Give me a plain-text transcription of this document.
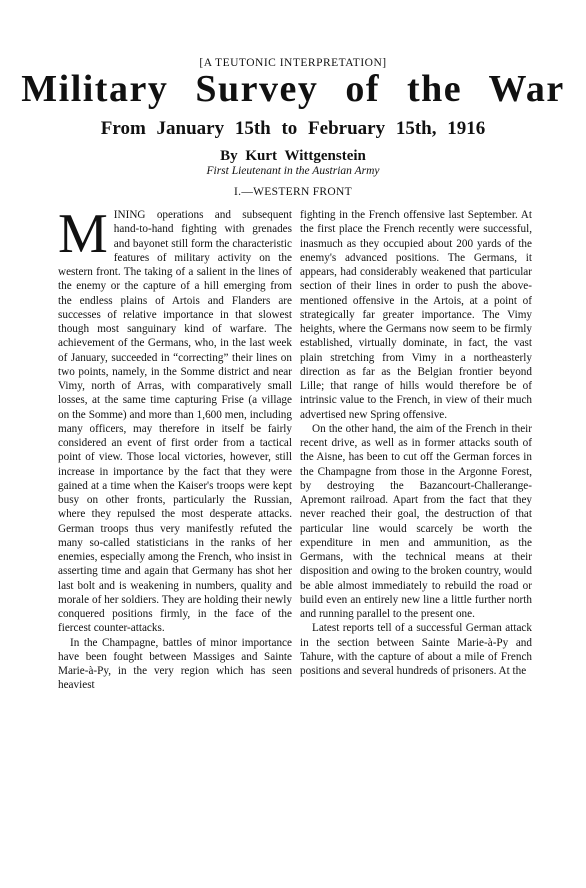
[A TEUTONIC INTERPRETATION]
Military Survey of the War
From January 15th to February 15th, 1916
By Kurt Wittgenstein
First Lieutenant in the Austrian Army
I.—WESTERN FRONT

MINING operations and subsequent hand-to-hand fighting with grenades and bayonet still form the characteristic features of military activity on the western front. The taking of a salient in the lines of the enemy or the capture of a hill emerging from the endless plains of Artois and Flanders are successes of relative importance in that slowest though most sanguinary kind of warfare. The achievement of the Germans, who, in the last week of January, succeeded in “correcting” their lines on two points, namely, in the Somme district and near Vimy, north of Arras, with comparatively small losses, at the same time capturing Frise (a village on the Somme) and more than 1,600 men, including many officers, may therefore in itself be fairly considered an event of first order from a tactical point of view. Those local victories, however, still increase in importance by the fact that they were gained at a time when the Kaiser's troops were kept busy on other fronts, particularly the Russian, where they repulsed the most desperate attacks. German troops thus very manifestly refuted the many so-called statisticians in the ranks of her enemies, especially among the French, who insist in asserting time and again that Germany has shot her last bolt and is weakening in numbers, quality and morale of her soldiers. They are holding their newly conquered positions firmly, in the face of the fiercest counter-attacks.

In the Champagne, battles of minor importance have been fought between Massiges and Sainte Marie-à-Py, in the very region which has seen heaviest

fighting in the French offensive last September. At the first place the French recently were successful, inasmuch as they occupied about 200 yards of the enemy's advanced positions. The Germans, it appears, had considerably weakened that particular section of their lines in order to push the above-mentioned offensive in the Artois, at a point of strategically far greater importance. The Vimy heights, where the Germans now seem to be firmly established, virtually dominate, in fact, the vast plain stretching from Vimy in a northeasterly direction as far as the Belgian frontier beyond Lille; that range of hills would therefore be of intrinsic value to the French, in view of their much advertised new Spring offensive.

On the other hand, the aim of the French in their recent drive, as well as in former attacks south of the Aisne, has been to cut off the German forces in the Champagne from those in the Argonne Forest, by destroying the Bazancourt-Challerange-Apremont railroad. Apart from the fact that they never reached their goal, the destruction of that particular line would scarcely be worth the expenditure in men and ammunition, as the Germans, with the technical means at their disposition and owing to the broken country, would be able almost immediately to rebuild the road or build even an entirely new line a little further north and running parallel to the present one.

Latest reports tell of a successful German attack in the section between Sainte Marie-à-Py and Tahure, with the capture of about a mile of French positions and several hundreds of prisoners. At the
